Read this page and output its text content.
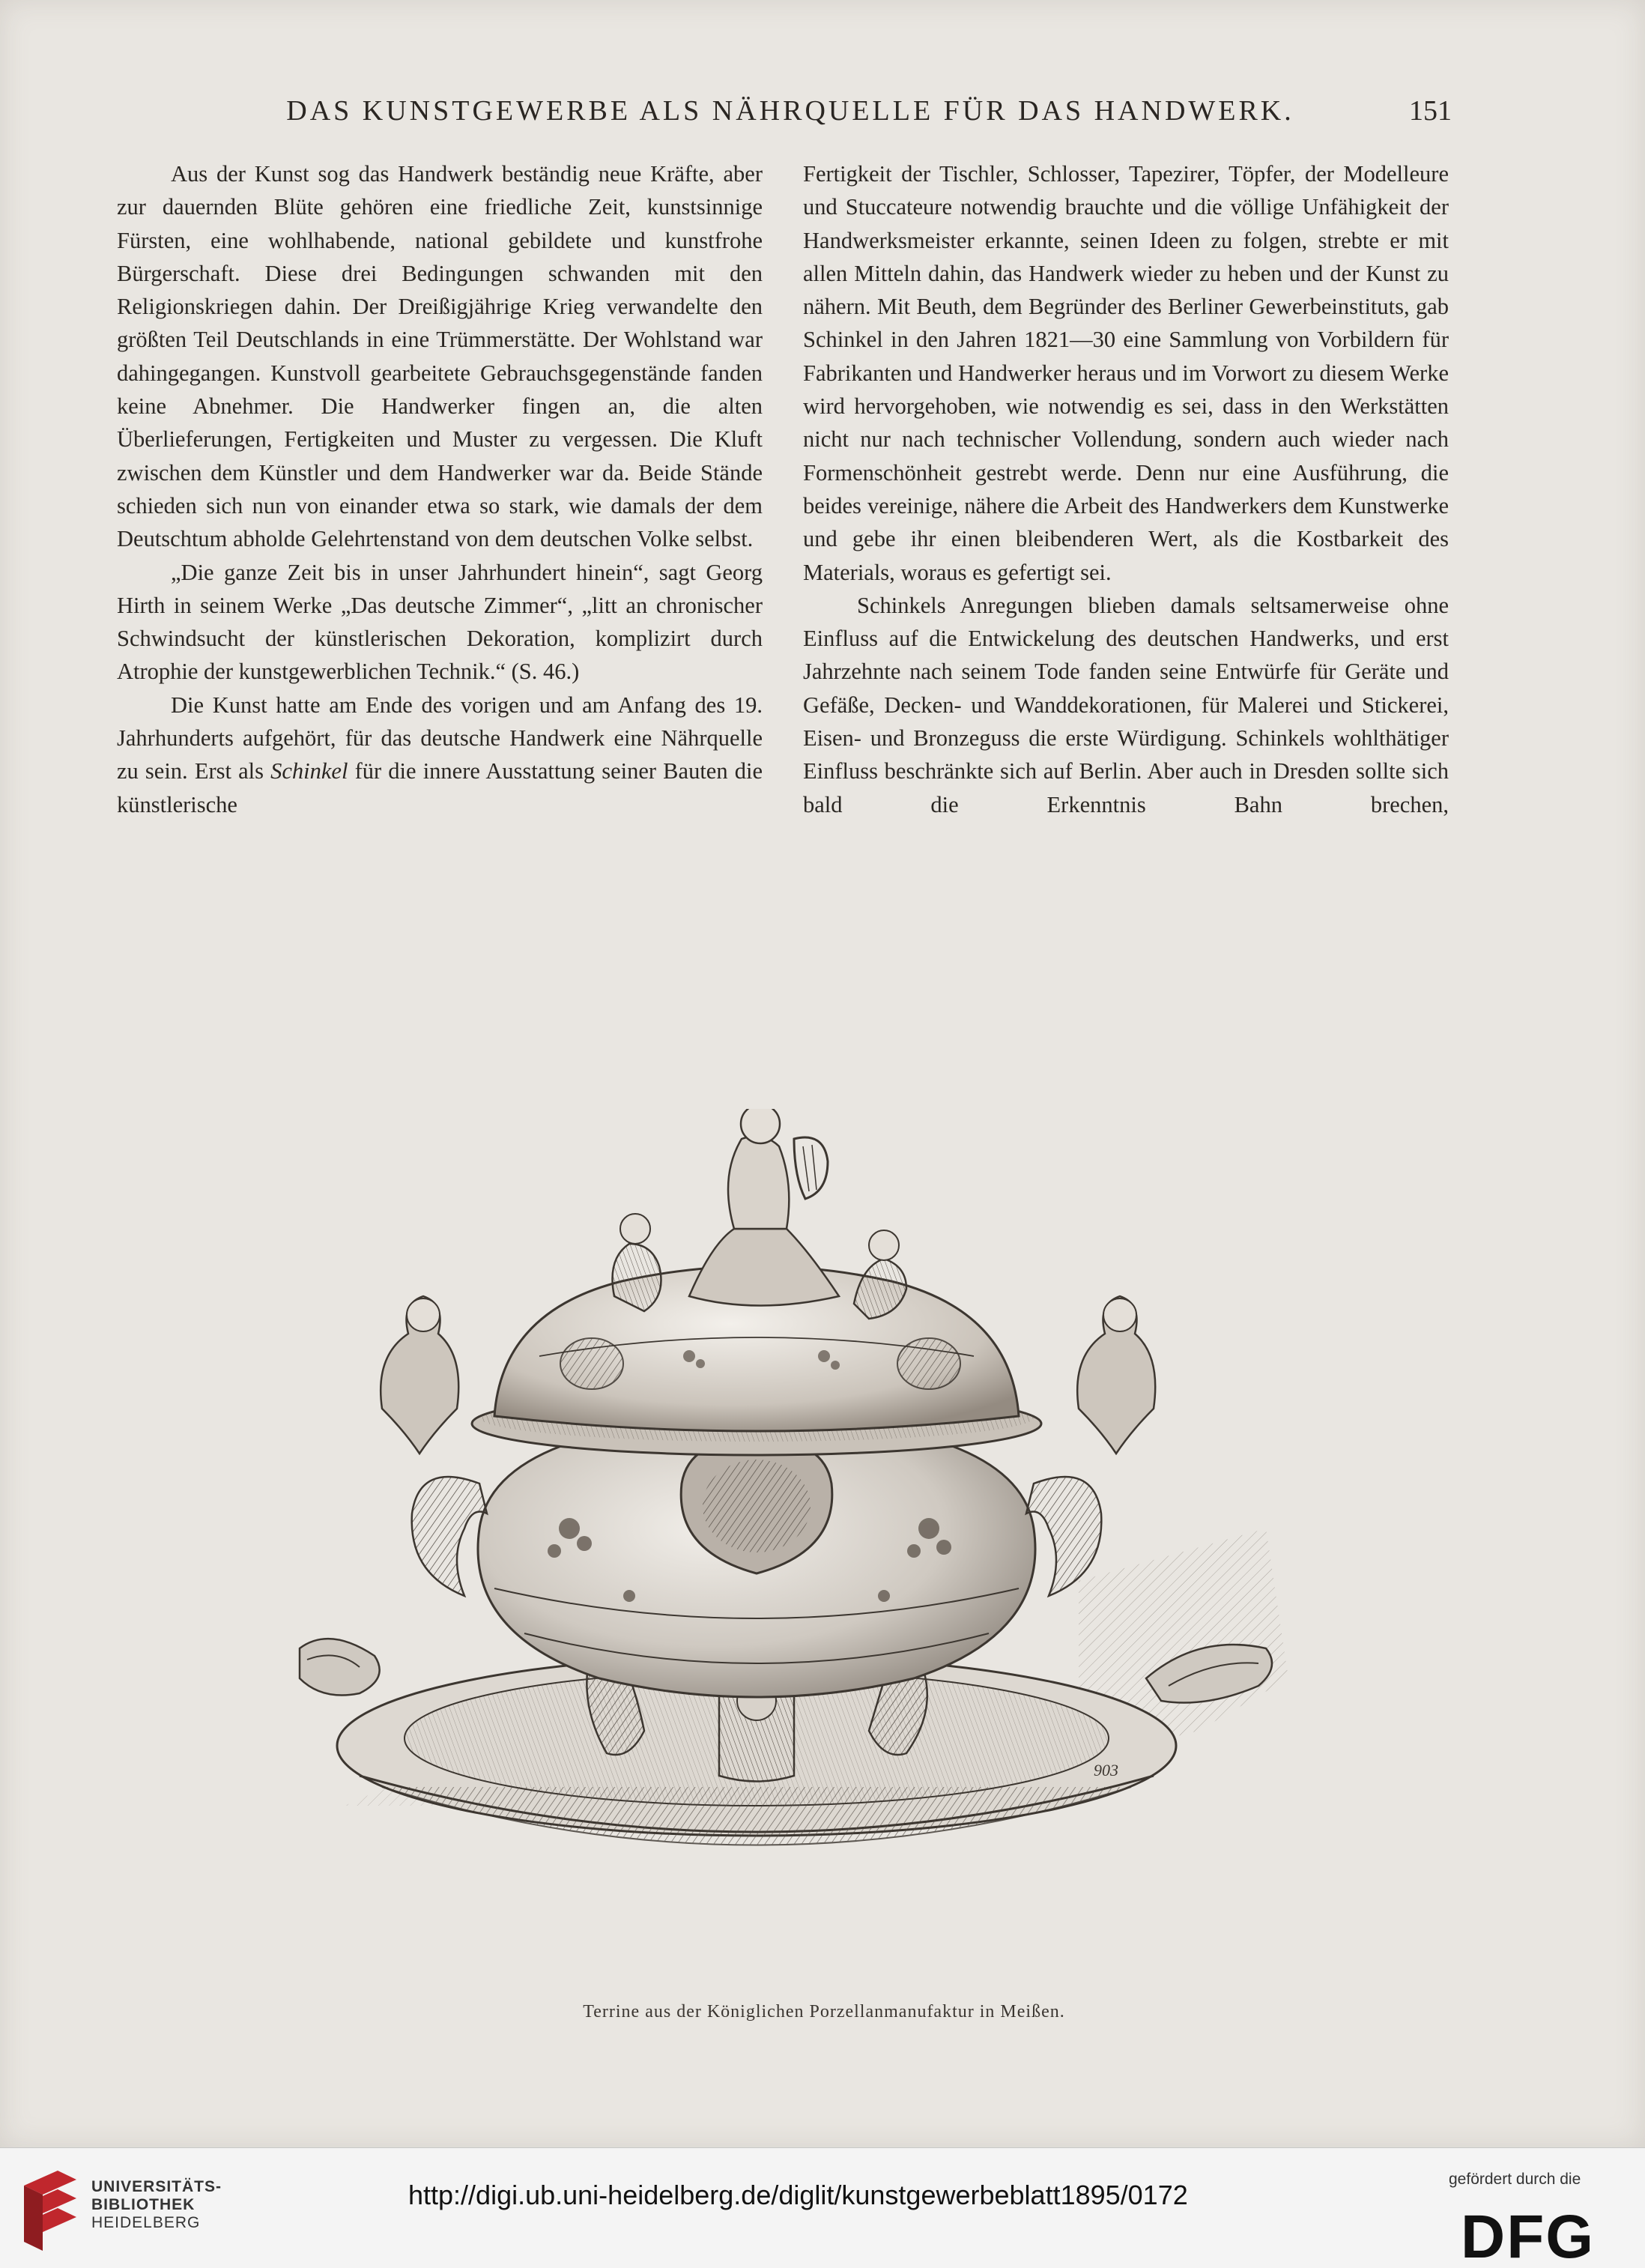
DAS KUNSTGEWERBE ALS NÄHRQUELLE FÜR DAS HANDWERK.	151

Aus der Kunst sog das Handwerk beständig neue Kräfte, aber zur dauernden Blüte gehören eine friedliche Zeit, kunstsinnige Fürsten, eine wohlhabende, national gebildete und kunstfrohe Bürgerschaft. Diese drei Bedingungen schwanden mit den Religionskriegen dahin. Der Dreißigjährige Krieg verwandelte den größten Teil Deutschlands in eine Trümmerstätte. Der Wohlstand war dahingegangen. Kunstvoll gearbeitete Gebrauchsgegenstände fanden keine Abnehmer. Die Handwerker fingen an, die alten Überlieferungen, Fertigkeiten und Muster zu vergessen. Die Kluft zwischen dem Künstler und dem Handwerker war da. Beide Stände schieden sich nun von einander etwa so stark, wie damals der dem Deutschtum abholde Gelehrtenstand von dem deutschen Volke selbst.

„Die ganze Zeit bis in unser Jahrhundert hinein“, sagt Georg Hirth in seinem Werke „Das deutsche Zimmer“, „litt an chronischer Schwindsucht der künstlerischen Dekoration, komplizirt durch Atrophie der kunstgewerblichen Technik.“ (S. 46.)

Die Kunst hatte am Ende des vorigen und am Anfang des 19. Jahrhunderts aufgehört, für das deutsche Handwerk eine Nährquelle zu sein. Erst als Schinkel für die innere Ausstattung seiner Bauten die künstlerische

Fertigkeit der Tischler, Schlosser, Tapezirer, Töpfer, der Modelleure und Stuccateure notwendig brauchte und die völlige Unfähigkeit der Handwerksmeister erkannte, seinen Ideen zu folgen, strebte er mit allen Mitteln dahin, das Handwerk wieder zu heben und der Kunst zu nähern. Mit Beuth, dem Begründer des Berliner Gewerbeinstituts, gab Schinkel in den Jahren 1821—30 eine Sammlung von Vorbildern für Fabrikanten und Handwerker heraus und im Vorwort zu diesem Werke wird hervorgehoben, wie notwendig es sei, dass in den Werkstätten nicht nur nach technischer Vollendung, sondern auch wieder nach Formenschönheit gestrebt werde. Denn nur eine Ausführung, die beides vereinige, nähere die Arbeit des Handwerkers dem Kunstwerke und gebe ihr einen bleibenderen Wert, als die Kostbarkeit des Materials, woraus es gefertigt sei.

Schinkels Anregungen blieben damals seltsamerweise ohne Einfluss auf die Entwickelung des deutschen Handwerks, und erst Jahrzehnte nach seinem Tode fanden seine Entwürfe für Geräte und Gefäße, Decken- und Wanddekorationen, für Malerei und Stickerei, Eisen- und Bronzeguss die erste Würdigung. Schinkels wohlthätiger Einfluss beschränkte sich auf Berlin. Aber auch in Dresden sollte sich bald die Erkenntnis Bahn brechen,

903
Terrine aus der Königlichen Porzellanmanufaktur in Meißen.
UNIVERSITÄTS-
BIBLIOTHEK
HEIDELBERG
http://digi.ub.uni-heidelberg.de/diglit/kunstgewerbeblatt1895/0172
gefördert durch die
DFG
